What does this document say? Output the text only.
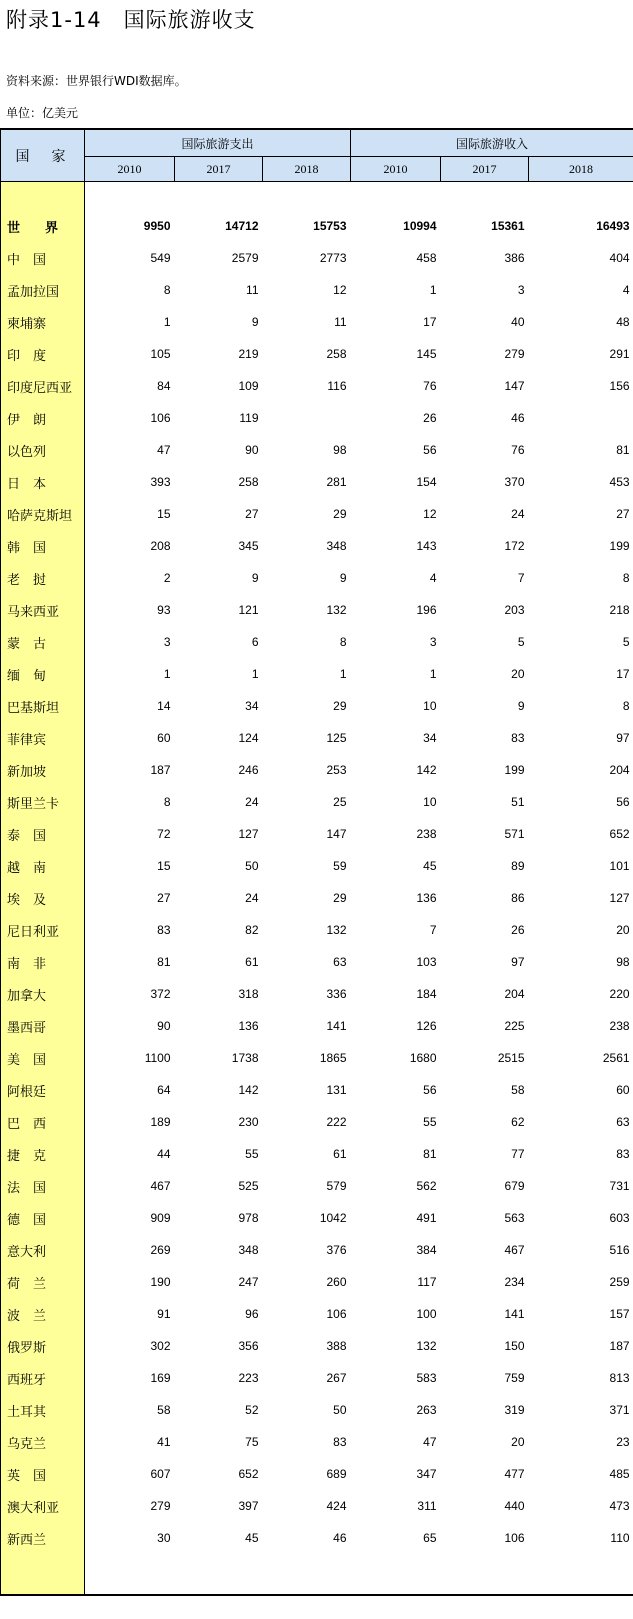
附录1-14　国际旅游收支
资料来源：世界银行WDI数据库。
单位：亿美元
国　家	国际旅游支出			国际旅游收入		
	2010	2017	2018	2010	2017	2018

世　界	9950	14712	15753	10994	15361	16493
中　国	549	2579	2773	458	386	404
孟加拉国	8	11	12	1	3	4
柬埔寨	1	9	11	17	40	48
印　度	105	219	258	145	279	291
印度尼西亚	84	109	116	76	147	156
伊　朗	106	119		26	46	
以色列	47	90	98	56	76	81
日　本	393	258	281	154	370	453
哈萨克斯坦	15	27	29	12	24	27
韩　国	208	345	348	143	172	199
老　挝	2	9	9	4	7	8
马来西亚	93	121	132	196	203	218
蒙　古	3	6	8	3	5	5
缅　甸	1	1	1	1	20	17
巴基斯坦	14	34	29	10	9	8
菲律宾	60	124	125	34	83	97
新加坡	187	246	253	142	199	204
斯里兰卡	8	24	25	10	51	56
泰　国	72	127	147	238	571	652
越　南	15	50	59	45	89	101
埃　及	27	24	29	136	86	127
尼日利亚	83	82	132	7	26	20
南　非	81	61	63	103	97	98
加拿大	372	318	336	184	204	220
墨西哥	90	136	141	126	225	238
美　国	1100	1738	1865	1680	2515	2561
阿根廷	64	142	131	56	58	60
巴　西	189	230	222	55	62	63
捷　克	44	55	61	81	77	83
法　国	467	525	579	562	679	731
德　国	909	978	1042	491	563	603
意大利	269	348	376	384	467	516
荷　兰	190	247	260	117	234	259
波　兰	91	96	106	100	141	157
俄罗斯	302	356	388	132	150	187
西班牙	169	223	267	583	759	813
土耳其	58	52	50	263	319	371
乌克兰	41	75	83	47	20	23
英　国	607	652	689	347	477	485
澳大利亚	279	397	424	311	440	473
新西兰	30	45	46	65	106	110
